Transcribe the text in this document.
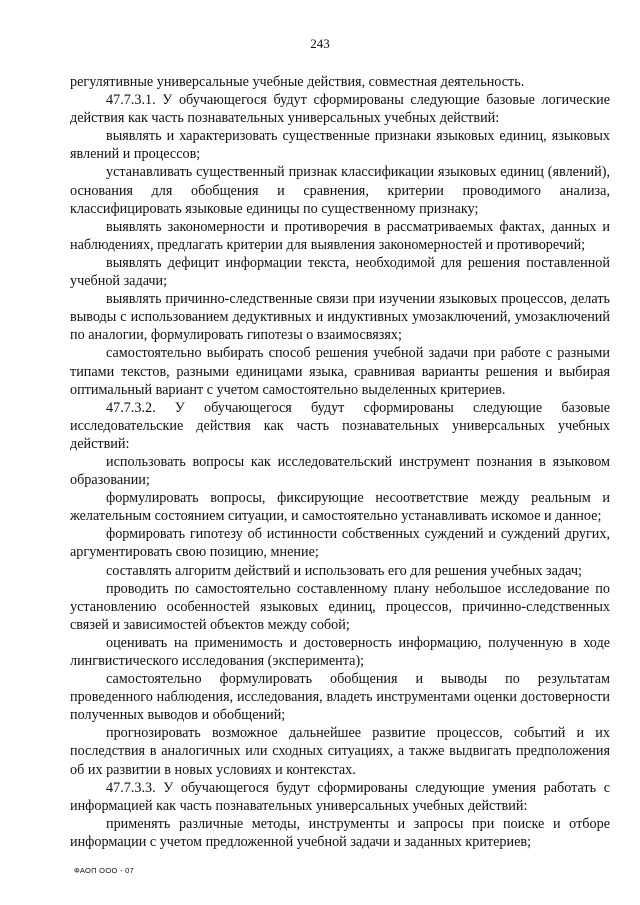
243

регулятивные универсальные учебные действия, совместная деятельность.

47.7.3.1. У обучающегося будут сформированы следующие базовые логические действия как часть познавательных универсальных учебных действий:

выявлять и характеризовать существенные признаки языковых единиц, языковых явлений и процессов;

устанавливать существенный признак классификации языковых единиц (явлений), основания для обобщения и сравнения, критерии проводимого анализа, классифицировать языковые единицы по существенному признаку;

выявлять закономерности и противоречия в рассматриваемых фактах, данных и наблюдениях, предлагать критерии для выявления закономерностей и противоречий;

выявлять дефицит информации текста, необходимой для решения поставленной учебной задачи;

выявлять причинно-следственные связи при изучении языковых процессов, делать выводы с использованием дедуктивных и индуктивных умозаключений, умозаключений по аналогии, формулировать гипотезы о взаимосвязях;

самостоятельно выбирать способ решения учебной задачи при работе с разными типами текстов, разными единицами языка, сравнивая варианты решения и выбирая оптимальный вариант с учетом самостоятельно выделенных критериев.

47.7.3.2. У обучающегося будут сформированы следующие базовые исследовательские действия как часть познавательных универсальных учебных действий:

использовать вопросы как исследовательский инструмент познания в языковом образовании;

формулировать вопросы, фиксирующие несоответствие между реальным и желательным состоянием ситуации, и самостоятельно устанавливать искомое и данное;

формировать гипотезу об истинности собственных суждений и суждений других, аргументировать свою позицию, мнение;

составлять алгоритм действий и использовать его для решения учебных задач;

проводить по самостоятельно составленному плану небольшое исследование по установлению особенностей языковых единиц, процессов, причинно-следственных связей и зависимостей объектов между собой;

оценивать на применимость и достоверность информацию, полученную в ходе лингвистического исследования (эксперимента);

самостоятельно формулировать обобщения и выводы по результатам проведенного наблюдения, исследования, владеть инструментами оценки достоверности полученных выводов и обобщений;

прогнозировать возможное дальнейшее развитие процессов, событий и их последствия в аналогичных или сходных ситуациях, а также выдвигать предположения об их развитии в новых условиях и контекстах.

47.7.3.3. У обучающегося будут сформированы следующие умения работать с информацией как часть познавательных универсальных учебных действий:

применять различные методы, инструменты и запросы при поиске и отборе информации с учетом предложенной учебной задачи и заданных критериев;

ФАОП ООО - 07
